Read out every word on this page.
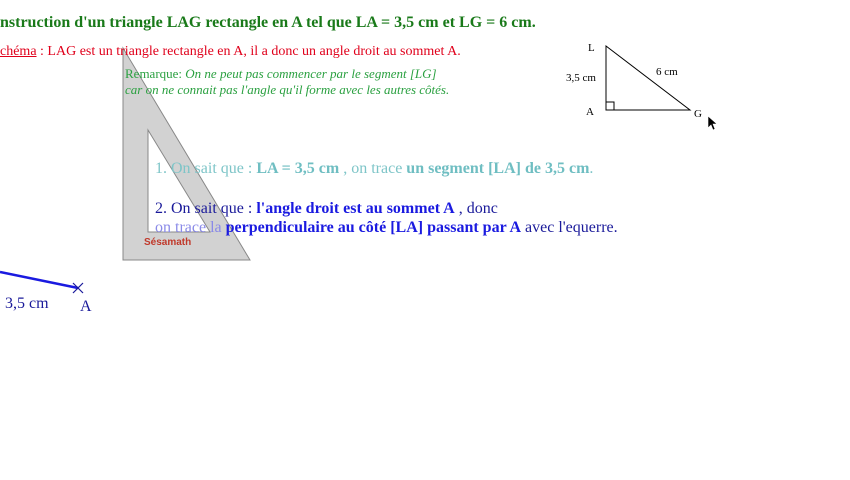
nstruction d'un triangle LAG rectangle en A tel que LA = 3,5 cm et LG = 6 cm.
chéma : LAG est un triangle rectangle en A, il a donc un angle droit au sommet A.
Remarque: On ne peut pas commencer par le segment [LG]
car on ne connait pas l'angle qu'il forme avec les autres côtés.
L
A	G
3,5 cm	6 cm
1. On sait que : LA = 3,5 cm , on trace un segment [LA] de 3,5 cm.
2. On sait que : l'angle droit est au sommet A , donc
on trace la perpendiculaire au côté [LA] passant par A avec l'equerre.
Sésamath
3,5 cm A
